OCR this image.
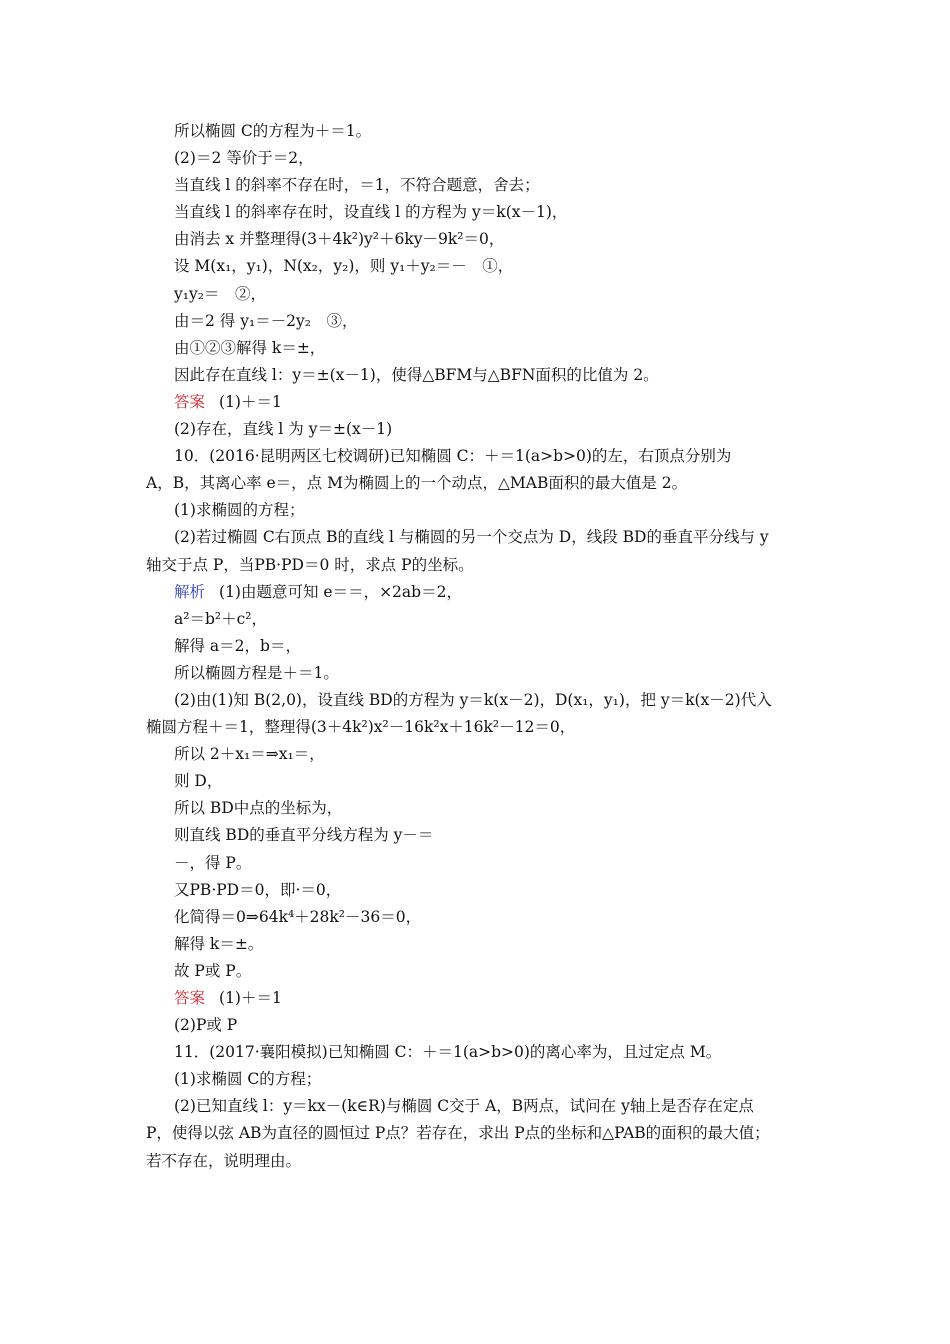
所以椭圆 C的方程为＋＝1。
(2)＝2 等价于＝2，
当直线 l 的斜率不存在时，＝1，不符合题意，舍去；
当直线 l 的斜率存在时，设直线 l 的方程为 y＝k(x－1)，
由消去 x 并整理得(3＋4k²)y²＋6ky－9k²＝0，
设 M(x₁，y₁)，N(x₂，y₂)，则 y₁＋y₂＝－　①，
y₁y₂＝　②，
由＝2 得 y₁＝－2y₂　③，
由①②③解得 k＝±，
因此存在直线 l：y＝±(x－1)，使得△BFM与△BFN面积的比值为 2。
答案 (1)＋＝1
(2)存在，直线 l 为 y＝±(x－1)
10．(2016·昆明两区七校调研)已知椭圆 C：＋＝1(a>b>0)的左，右顶点分别为
A，B，其离心率 e＝，点 M为椭圆上的一个动点，△MAB面积的最大值是 2。
(1)求椭圆的方程；
(2)若过椭圆 C右顶点 B的直线 l 与椭圆的另一个交点为 D，线段 BD的垂直平分线与 y
轴交于点 P，当PB·PD＝0 时，求点 P的坐标。
解析 (1)由题意可知 e＝＝，×2ab＝2，
a²＝b²＋c²，
解得 a＝2，b＝，
所以椭圆方程是＋＝1。
(2)由(1)知 B(2,0)，设直线 BD的方程为 y＝k(x－2)，D(x₁，y₁)，把 y＝k(x－2)代入
椭圆方程＋＝1，整理得(3＋4k²)x²－16k²x＋16k²－12＝0，
所以 2＋x₁＝⇒x₁＝，
则 D，
所以 BD中点的坐标为，
则直线 BD的垂直平分线方程为 y－＝
－，得 P。
又PB·PD＝0，即·＝0，
化简得＝0⇒64k⁴＋28k²－36＝0，
解得 k＝±。
故 P或 P。
答案 (1)＋＝1
(2)P或 P
11．(2017·襄阳模拟)已知椭圆 C：＋＝1(a>b>0)的离心率为，且过定点 M。
(1)求椭圆 C的方程；
(2)已知直线 l：y＝kx－(k∈R)与椭圆 C交于 A，B两点，试问在 y轴上是否存在定点
P，使得以弦 AB为直径的圆恒过 P点？若存在，求出 P点的坐标和△PAB的面积的最大值；
若不存在，说明理由。
